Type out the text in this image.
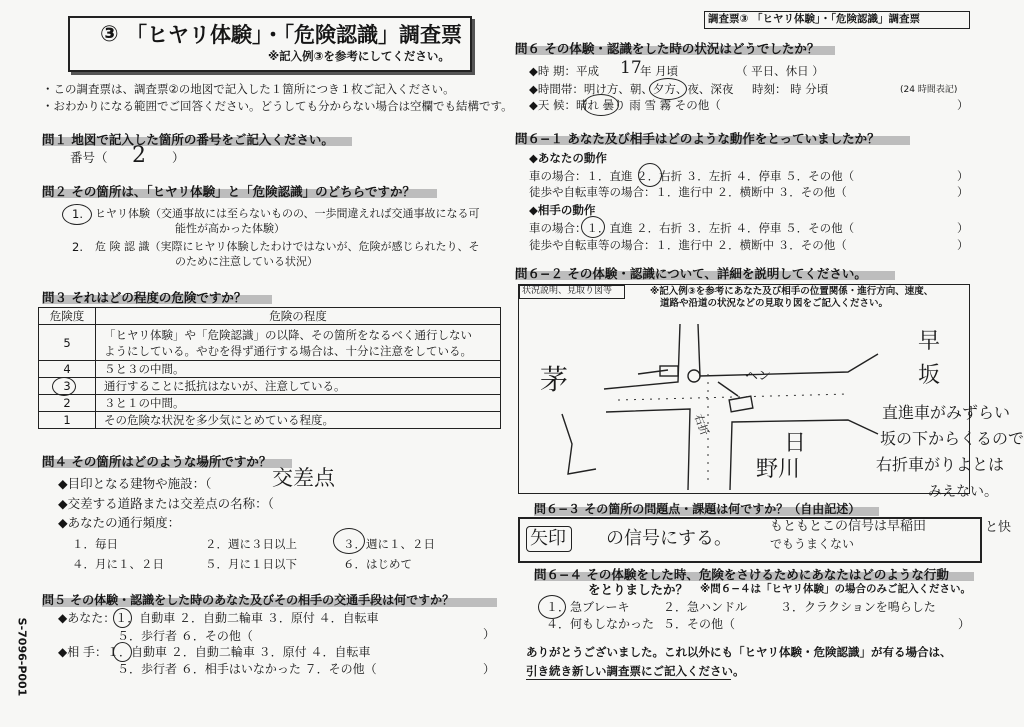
③ 「ヒヤリ体験」・「危険認識」調査票
※記入例③を参考にしてください。
・この調査票は、調査票②の地図で記入した１箇所につき１枚ご記入ください。
・おわかりになる範囲でご回答ください。どうしても分からない場合は空欄でも結構です。
問１ 地図で記入した箇所の番号をご記入ください。
番号（ 2 ）
問２ その箇所は、「ヒヤリ体験」と「危険認識」のどちらですか？
1. ヒヤリ体験（交通事故には至らないものの、一歩間違えれば交通事故になる可
能性が高かった体験）
2. 危 険 認 識（実際にヒヤリ体験したわけではないが、危険が感じられたり、そ
のために注意している状況）
問３ それはどの程度の危険ですか？
危険度	危険の程度
5	「ヒヤリ体験」や「危険認識」の以降、その箇所をなるべく通行しない
ようにしている。やむを得ず通行する場合は、十分に注意をしている。

4	５と３の中間。
3	通行することに抵抗はないが、注意している。
2	３と１の中間。
1	その危険な状況を多少気にとめている程度。
問４ その箇所はどのような場所ですか？
◆目印となる建物や施設：（	交差点
◆交差する道路または交差点の名称：（
◆あなたの通行頻度：
１．毎日	２．週に３日以上	３．週に１、２日
４．月に１、２日	５．月に１日以下	６．はじめて
問５ その体験・認識をした時のあなた及びその相手の交通手段は何ですか？
◆あなた：１．自動車 ２．自動二輪車 ３．原付 ４．自転車
５．歩行者 ６．その他（	）
◆相 手：１．自動車 ２．自動二輪車 ３．原付 ４．自転車
５．歩行者 ６．相手はいなかった ７．その他（	）
S-7096-P001
調査票③ 「ヒヤリ体験」・「危険認識」調査票
問６ その体験・認識をした時の状況はどうでしたか？
◆時 期：平成 17
年 月頃	（ 平日、休日 ）
◆時間帯：明け方、朝、夕方、夜、深夜 時刻： 時 分頃	(24 時間表記)
◆天 候：晴れ 曇り 雨 雪 霧 その他（	）
問６−１ あなた及び相手はどのような動作をとっていましたか？
◆あなたの動作
車の場合：１．直進 ２．右折 ３．左折 ４．停車 ５．その他（	）
徒歩や自転車等の場合：１．進行中 ２．横断中 ３．その他（	）
◆相手の動作
車の場合：１．直進 ２．右折 ３．左折 ４．停車 ５．その他（	）
徒歩や自転車等の場合：１．進行中 ２．横断中 ３．その他（	）
問６−２ その体験・認識について、詳細を説明してください。
状況説明、見取り図等	※記入例③を参考にあなた及び相手の位置関係・進行方向、速度、
道路や沿道の状況などの見取り図をご記入ください。
茅
早
坂
日
野川
ヘン
右折	直進車がみずらい
坂の下からくるので
右折車がりよとは
みえない。
問６−３ その箇所の問題点・課題は何ですか？（自由記述）
矢印 の信号にする。
もともとこの信号は早稲田
でもうまくない
と快
問６−４ その体験をした時、危険をさけるためにあなたはどのような行動
をとりましたか？ ※問６−４は「ヒヤリ体験」の場合のみご記入ください。
１．急ブレーキ	２．急ハンドル	３．クラクションを鳴らした
４．何もしなかった ５．その他（	）
ありがとうございました。これ以外にも「ヒヤリ体験・危険認識」が有る場合は、
引き続き新しい調査票にご記入ください。
